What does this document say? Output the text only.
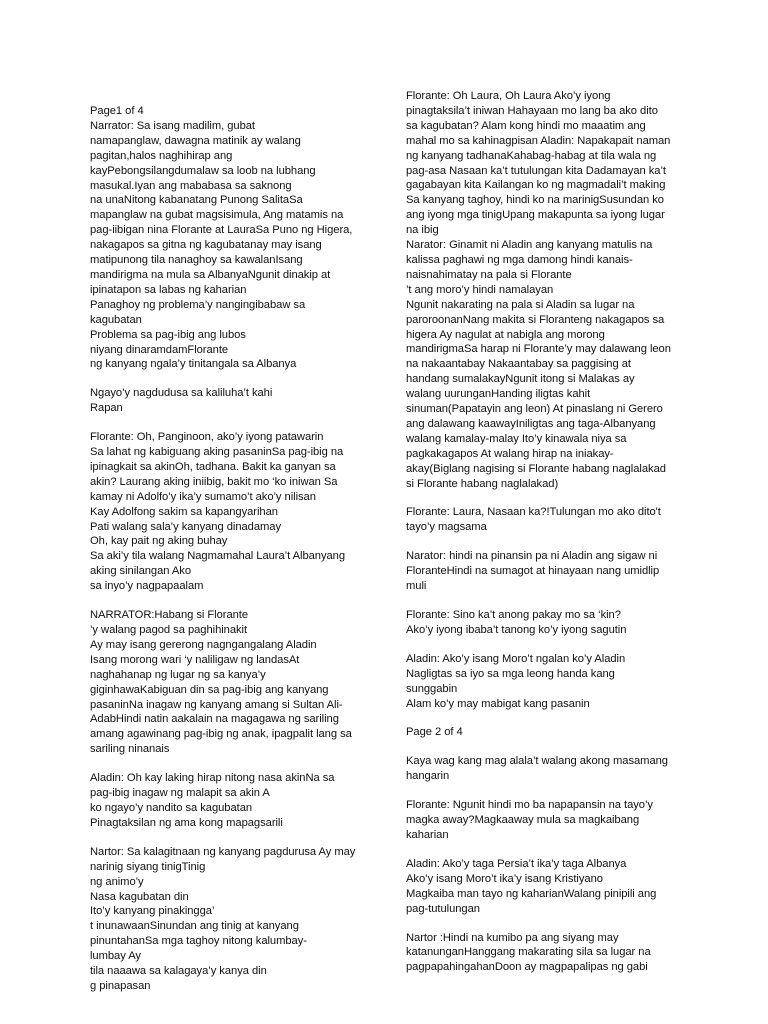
Page1 of 4
Narrator: Sa isang madilim, gubat
namapanglaw, dawagna matinik ay walang
pagitan,halos naghihirap ang
kayPebongsilangdumalaw sa loob na lubhang
masukal.Iyan ang mababasa sa saknong
na unaNitong kabanatang Punong SalitaSa
mapanglaw na gubat magsisimula, Ang matamis na
pag-iibigan nina Florante at LauraSa Puno ng Higera,
nakagapos sa gitna ng kagubatanay may isang
matipunong tila nanaghoy sa kawalanIsang
mandirigma na mula sa AlbanyaNgunit dinakip at
ipinatapon sa labas ng kaharian
Panaghoy ng problema’y nangingibabaw sa
kagubatan
Problema sa pag-ibig ang lubos
niyang dinaramdamFlorante
ng kanyang ngala’y tinitangala sa Albanya
Ngayo’y nagdudusa sa kaliluha’t kahi
Rapan
Florante: Oh, Panginoon, ako’y iyong patawarin
Sa lahat ng kabiguang aking pasaninSa pag-ibig na
ipinagkait sa akinOh, tadhana. Bakit ka ganyan sa
akin? Laurang aking iniibig, bakit mo ‘ko iniwan Sa
kamay ni Adolfo’y ika’y sumamo’t ako’y nilisan
Kay Adolfong sakim sa kapangyarihan
Pati walang sala’y kanyang dinadamay
Oh, kay pait ng aking buhay
Sa aki’y tila walang Nagmamahal Laura’t Albanyang
aking sinilangan Ako
sa inyo’y nagpapaalam
NARRATOR:Habang si Florante
’y walang pagod sa paghihinakit
Ay may isang gererong nagngangalang Aladin
Isang morong wari ‘y naliligaw ng landasAt
naghahanap ng lugar ng sa kanya’y
giginhawaKabiguan din sa pag-ibig ang kanyang
pasaninNa inagaw ng kanyang amang si Sultan Ali-
AdabHindi natin aakalain na magagawa ng sariling
amang agawinang pag-ibig ng anak, ipagpalit lang sa
sariling ninanais
Aladin: Oh kay laking hirap nitong nasa akinNa sa
pag-ibig inagaw ng malapit sa akin A
ko ngayo’y nandito sa kagubatan
Pinagtaksilan ng ama kong mapagsarili
Nartor: Sa kalagitnaan ng kanyang pagdurusa Ay may
narinig siyang tinigTinig
ng animo’y
Nasa kagubatan din
Ito’y kanyang pinakingga’
t inunawaanSinundan ang tinig at kanyang
pinuntahanSa mga taghoy nitong kalumbay-
lumbay Ay
tila naaawa sa kalagaya’y kanya din
g pinapasan
Florante: Oh Laura, Oh Laura Ako’y iyong
pinagtaksila’t iniwan Hahayaan mo lang ba ako dito
sa kagubatan? Alam kong hindi mo maaatim ang
mahal mo sa kahinagpisan Aladin: Napakapait naman
ng kanyang tadhanaKahabag-habag at tila wala ng
pag-asa Nasaan ka’t tutulungan kita Dadamayan ka’t
gagabayan kita Kailangan ko ng magmadali’t making
Sa kanyang taghoy, hindi ko na marinigSusundan ko
ang iyong mga tinigUpang makapunta sa iyong lugar
na ibig
Narator: Ginamit ni Aladin ang kanyang matulis na
kalissa paghawi ng mga damong hindi kanais-
naisnahimatay na pala si Florante
’t ang moro’y hindi namalayan
Ngunit nakarating na pala si Aladin sa lugar na
paroroonanNang makita si Floranteng nakagapos sa
higera Ay nagulat at nabigla ang morong
mandirigmaSa harap ni Florante’y may dalawang leon
na nakaantabay Nakaantabay sa paggising at
handang sumalakayNgunit itong si Malakas ay
walang uurunganHanding iligtas kahit
sinuman(Papatayin ang leon) At pinaslang ni Gerero
ang dalawang kaawayIniligtas ang taga-Albanyang
walang kamalay-malay Ito’y kinawala niya sa
pagkakagapos At walang hirap na iniakay-
akay(Biglang nagising si Florante habang naglalakad
si Florante habang naglalakad)
Florante: Laura, Nasaan ka?!Tulungan mo ako dito't
tayo’y magsama
Narator: hindi na pinansin pa ni Aladin ang sigaw ni
FloranteHindi na sumagot at hinayaan nang umidlip
muli
Florante: Sino ka’t anong pakay mo sa ‘kin?
Ako’y iyong ibaba’t tanong ko’y iyong sagutin
Aladin: Ako’y isang Moro’t ngalan ko’y Aladin
Nagligtas sa iyo sa mga leong handa kang
sunggabin
Alam ko’y may mabigat kang pasanin
Page 2 of 4
Kaya wag kang mag alala’t walang akong masamang
hangarin
Florante: Ngunit hindi mo ba napapansin na tayo’y
magka away?Magkaaway mula sa magkaibang
kaharian
Aladin: Ako’y taga Persia’t ika’y taga Albanya
Ako’y isang Moro’t ika’y isang Kristiyano
Magkaiba man tayo ng kaharianWalang pinipili ang
pag-tutulungan
Nartor :Hindi na kumibo pa ang siyang may
katanunganHanggang makarating sila sa lugar na
pagpapahingahanDoon ay magpapalipas ng gabi
